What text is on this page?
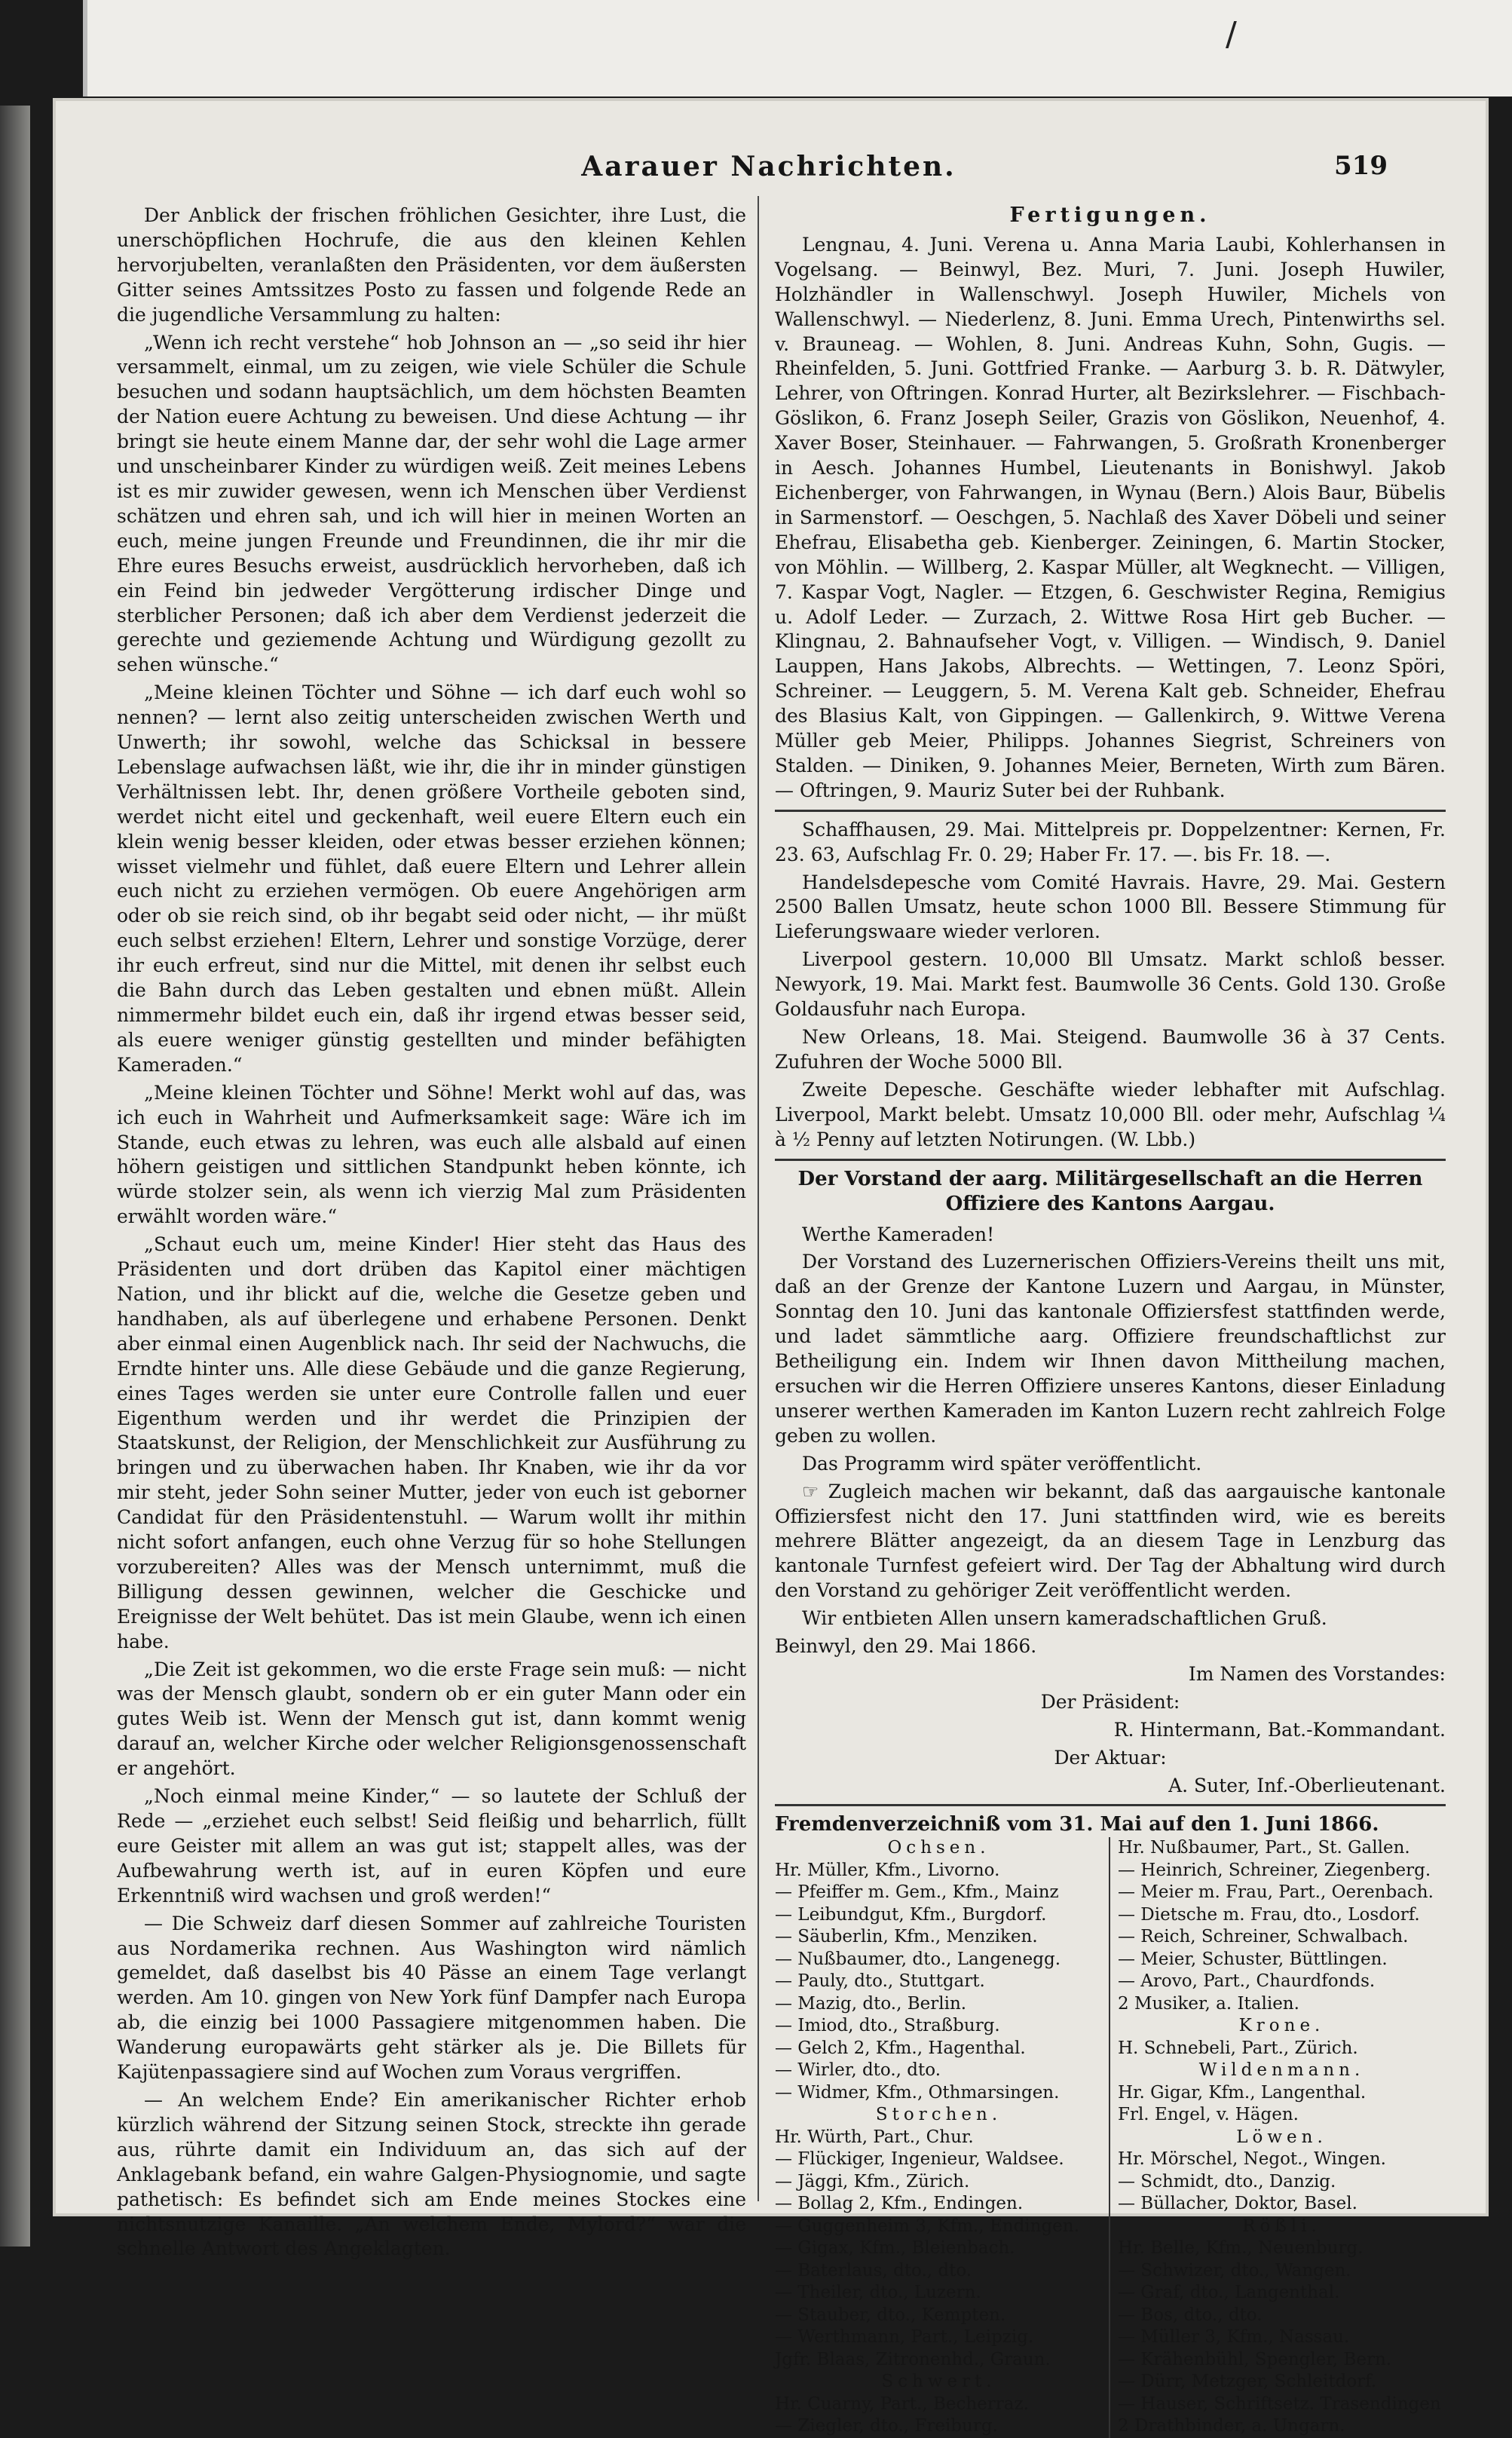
/
Aarauer Nachrichten.	519

Der Anblick der frischen fröhlichen Gesichter, ihre Lust, die unerschöpflichen Hochrufe, die aus den kleinen Kehlen hervorjubelten, veranlaßten den Präsidenten, vor dem äußersten Gitter seines Amtssitzes Posto zu fassen und folgende Rede an die jugendliche Versammlung zu halten:

„Wenn ich recht verstehe“ hob Johnson an — „so seid ihr hier versammelt, einmal, um zu zeigen, wie viele Schüler die Schule besuchen und sodann hauptsächlich, um dem höchsten Beamten der Nation euere Achtung zu beweisen. Und diese Achtung — ihr bringt sie heute einem Manne dar, der sehr wohl die Lage armer und unscheinbarer Kinder zu würdigen weiß. Zeit meines Lebens ist es mir zuwider gewesen, wenn ich Menschen über Verdienst schätzen und ehren sah, und ich will hier in meinen Worten an euch, meine jungen Freunde und Freundinnen, die ihr mir die Ehre eures Besuchs erweist, ausdrücklich hervorheben, daß ich ein Feind bin jedweder Vergötterung irdischer Dinge und sterblicher Personen; daß ich aber dem Verdienst jederzeit die gerechte und geziemende Achtung und Würdigung gezollt zu sehen wünsche.“

„Meine kleinen Töchter und Söhne — ich darf euch wohl so nennen? — lernt also zeitig unterscheiden zwischen Werth und Unwerth; ihr sowohl, welche das Schicksal in bessere Lebenslage aufwachsen läßt, wie ihr, die ihr in minder günstigen Verhältnissen lebt. Ihr, denen größere Vortheile geboten sind, werdet nicht eitel und geckenhaft, weil euere Eltern euch ein klein wenig besser kleiden, oder etwas besser erziehen können; wisset vielmehr und fühlet, daß euere Eltern und Lehrer allein euch nicht zu erziehen vermögen. Ob euere Angehörigen arm oder ob sie reich sind, ob ihr begabt seid oder nicht, — ihr müßt euch selbst erziehen! Eltern, Lehrer und sonstige Vorzüge, derer ihr euch erfreut, sind nur die Mittel, mit denen ihr selbst euch die Bahn durch das Leben gestalten und ebnen müßt. Allein nimmermehr bildet euch ein, daß ihr irgend etwas besser seid, als euere weniger günstig gestellten und minder befähigten Kameraden.“

„Meine kleinen Töchter und Söhne! Merkt wohl auf das, was ich euch in Wahrheit und Aufmerksamkeit sage: Wäre ich im Stande, euch etwas zu lehren, was euch alle alsbald auf einen höhern geistigen und sittlichen Standpunkt heben könnte, ich würde stolzer sein, als wenn ich vierzig Mal zum Präsidenten erwählt worden wäre.“

„Schaut euch um, meine Kinder! Hier steht das Haus des Präsidenten und dort drüben das Kapitol einer mächtigen Nation, und ihr blickt auf die, welche die Gesetze geben und handhaben, als auf überlegene und erhabene Personen. Denkt aber einmal einen Augenblick nach. Ihr seid der Nachwuchs, die Erndte hinter uns. Alle diese Gebäude und die ganze Regierung, eines Tages werden sie unter eure Controlle fallen und euer Eigenthum werden und ihr werdet die Prinzipien der Staatskunst, der Religion, der Menschlichkeit zur Ausführung zu bringen und zu überwachen haben. Ihr Knaben, wie ihr da vor mir steht, jeder Sohn seiner Mutter, jeder von euch ist geborner Candidat für den Präsidentenstuhl. — Warum wollt ihr mithin nicht sofort anfangen, euch ohne Verzug für so hohe Stellungen vorzubereiten? Alles was der Mensch unternimmt, muß die Billigung dessen gewinnen, welcher die Geschicke und Ereignisse der Welt behütet. Das ist mein Glaube, wenn ich einen habe.

„Die Zeit ist gekommen, wo die erste Frage sein muß: — nicht was der Mensch glaubt, sondern ob er ein guter Mann oder ein gutes Weib ist. Wenn der Mensch gut ist, dann kommt wenig darauf an, welcher Kirche oder welcher Religionsgenossenschaft er angehört.

„Noch einmal meine Kinder,“ — so lautete der Schluß der Rede — „erziehet euch selbst! Seid fleißig und beharrlich, füllt eure Geister mit allem an was gut ist; stappelt alles, was der Aufbewahrung werth ist, auf in euren Köpfen und eure Erkenntniß wird wachsen und groß werden!“

— Die Schweiz darf diesen Sommer auf zahlreiche Touristen aus Nordamerika rechnen. Aus Washington wird nämlich gemeldet, daß daselbst bis 40 Pässe an einem Tage verlangt werden. Am 10. gingen von New York fünf Dampfer nach Europa ab, die einzig bei 1000 Passagiere mitgenommen haben. Die Wanderung europawärts geht stärker als je. Die Billets für Kajütenpassagiere sind auf Wochen zum Voraus vergriffen.

— An welchem Ende? Ein amerikanischer Richter erhob kürzlich während der Sitzung seinen Stock, streckte ihn gerade aus, rührte damit ein Individuum an, das sich auf der Anklagebank befand, ein wahre Galgen-Physiognomie, und sagte pathetisch: Es befindet sich am Ende meines Stockes eine nichtsnutzige Kanaille. „An welchem Ende, Mylord?“ war die schnelle Antwort des Angeklagten.

Fertigungen.

Lengnau, 4. Juni. Verena u. Anna Maria Laubi, Kohlerhansen in Vogelsang. — Beinwyl, Bez. Muri, 7. Juni. Joseph Huwiler, Holzhändler in Wallenschwyl. Joseph Huwiler, Michels von Wallenschwyl. — Niederlenz, 8. Juni. Emma Urech, Pintenwirths sel. v. Brauneag. — Wohlen, 8. Juni. Andreas Kuhn, Sohn, Gugis. — Rheinfelden, 5. Juni. Gottfried Franke. — Aarburg 3. b. R. Dätwyler, Lehrer, von Oftringen. Konrad Hurter, alt Bezirkslehrer. — Fischbach-Göslikon, 6. Franz Joseph Seiler, Grazis von Göslikon, Neuenhof, 4. Xaver Boser, Steinhauer. — Fahrwangen, 5. Großrath Kronenberger in Aesch. Johannes Humbel, Lieutenants in Bonishwyl. Jakob Eichenberger, von Fahrwangen, in Wynau (Bern.) Alois Baur, Bübelis in Sarmenstorf. — Oeschgen, 5. Nachlaß des Xaver Döbeli und seiner Ehefrau, Elisabetha geb. Kienberger. Zeiningen, 6. Martin Stocker, von Möhlin. — Willberg, 2. Kaspar Müller, alt Wegknecht. — Villigen, 7. Kaspar Vogt, Nagler. — Etzgen, 6. Geschwister Regina, Remigius u. Adolf Leder. — Zurzach, 2. Wittwe Rosa Hirt geb Bucher. — Klingnau, 2. Bahnaufseher Vogt, v. Villigen. — Windisch, 9. Daniel Lauppen, Hans Jakobs, Albrechts. — Wettingen, 7. Leonz Spöri, Schreiner. — Leuggern, 5. M. Verena Kalt geb. Schneider, Ehefrau des Blasius Kalt, von Gippingen. — Gallenkirch, 9. Wittwe Verena Müller geb Meier, Philipps. Johannes Siegrist, Schreiners von Stalden. — Diniken, 9. Johannes Meier, Berneten, Wirth zum Bären. — Oftringen, 9. Mauriz Suter bei der Ruhbank.

Schaffhausen, 29. Mai. Mittelpreis pr. Doppelzentner: Kernen, Fr. 23. 63, Aufschlag Fr. 0. 29; Haber Fr. 17. —. bis Fr. 18. —.

Handelsdepesche vom Comité Havrais. Havre, 29. Mai. Gestern 2500 Ballen Umsatz, heute schon 1000 Bll. Bessere Stimmung für Lieferungswaare wieder verloren.

Liverpool gestern. 10,000 Bll Umsatz. Markt schloß besser. Newyork, 19. Mai. Markt fest. Baumwolle 36 Cents. Gold 130. Große Goldausfuhr nach Europa.

New Orleans, 18. Mai. Steigend. Baumwolle 36 à 37 Cents. Zufuhren der Woche 5000 Bll.

Zweite Depesche. Geschäfte wieder lebhafter mit Aufschlag. Liverpool, Markt belebt. Umsatz 10,000 Bll. oder mehr, Aufschlag ¼ à ½ Penny auf letzten Notirungen. (W. Lbb.)

Der Vorstand der aarg. Militärgesellschaft an die Herren Offiziere des Kantons Aargau.

Werthe Kameraden!

Der Vorstand des Luzernerischen Offiziers-Vereins theilt uns mit, daß an der Grenze der Kantone Luzern und Aargau, in Münster, Sonntag den 10. Juni das kantonale Offiziersfest stattfinden werde, und ladet sämmtliche aarg. Offiziere freundschaftlichst zur Betheiligung ein. Indem wir Ihnen davon Mittheilung machen, ersuchen wir die Herren Offiziere unseres Kantons, dieser Einladung unserer werthen Kameraden im Kanton Luzern recht zahlreich Folge geben zu wollen.

Das Programm wird später veröffentlicht.

☞ Zugleich machen wir bekannt, daß das aargauische kantonale Offiziersfest nicht den 17. Juni stattfinden wird, wie es bereits mehrere Blätter angezeigt, da an diesem Tage in Lenzburg das kantonale Turnfest gefeiert wird. Der Tag der Abhaltung wird durch den Vorstand zu gehöriger Zeit veröffentlicht werden.

Wir entbieten Allen unsern kameradschaftlichen Gruß.

Beinwyl, den 29. Mai 1866.

Im Namen des Vorstandes:

Der Präsident:

R. Hintermann, Bat.-Kommandant.

Der Aktuar:

A. Suter, Inf.-Oberlieutenant.

Fremdenverzeichniß vom 31. Mai auf den 1. Juni 1866.
Ochsen.
Hr. Müller, Kfm., Livorno.
— Pfeiffer m. Gem., Kfm., Mainz
— Leibundgut, Kfm., Burgdorf.
— Säuberlin, Kfm., Menziken.
— Nußbaumer, dto., Langenegg.
— Pauly, dto., Stuttgart.
— Mazig, dto., Berlin.
— Imiod, dto., Straßburg.
— Gelch 2, Kfm., Hagenthal.
— Wirler, dto., dto.
— Widmer, Kfm., Othmarsingen.
Storchen.
Hr. Würth, Part., Chur.
— Flückiger, Ingenieur, Waldsee.
— Jäggi, Kfm., Zürich.
— Bollag 2, Kfm., Endingen.
— Guggenheim 3, Kfm., Endingen.
— Gigax, Kfm., Bleienbach.
— Baterlaus, dto., dto.
— Theiler, dto., Luzern.
— Stauber, dto., Kempten.
— Werthmann, Part., Leipzig.
Jgfr. Blaas, Zitronenhd., Graun.
Schwert.
Hr. Cuarny, Part., Becherraz.
— Ziegler, dto., Freiburg.
Hr. Nußbaumer, Part., St. Gallen.
— Heinrich, Schreiner, Ziegenberg.
— Meier m. Frau, Part., Oerenbach.
— Dietsche m. Frau, dto., Losdorf.
— Reich, Schreiner, Schwalbach.
— Meier, Schuster, Büttlingen.
— Arovo, Part., Chaurdfonds.
2 Musiker, a. Italien.
Krone.
H. Schnebeli, Part., Zürich.
Wildenmann.
Hr. Gigar, Kfm., Langenthal.
Frl. Engel, v. Hägen.
Löwen.
Hr. Mörschel, Negot., Wingen.
— Schmidt, dto., Danzig.
— Büllacher, Doktor, Basel.
Rößli.
Hr. Belle, Kfm., Neuenburg.
— Schwizer, dto., Wangen.
— Graf, dto., Langenthal.
— Bos, dto., dto.
— Müller 3, Kfm., Nassau.
— Krähenbühl, Spengler, Bern.
— Dürr, Metzger, Schleitdorf.
— Hauser, Schriftsetz. Trasendingen
2 Drathbinder, a. Ungarn.
